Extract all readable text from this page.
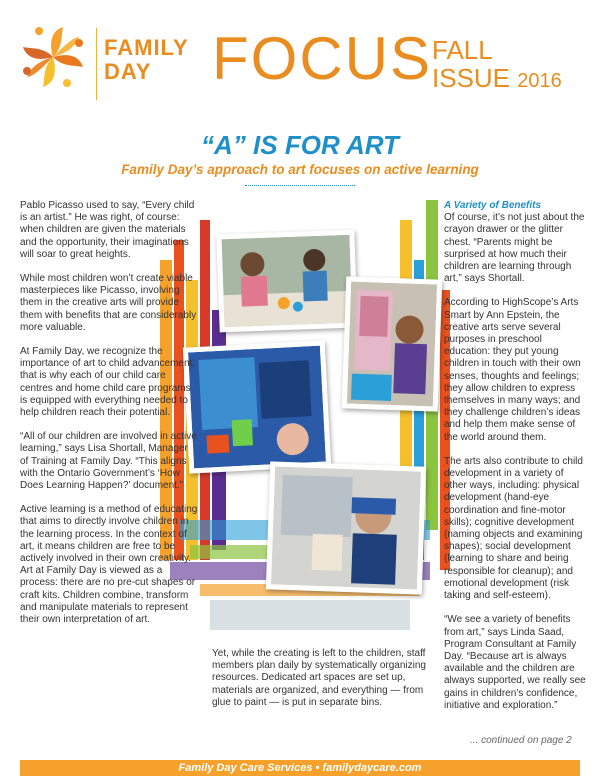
FAMILY
DAY	FOCUS FALL
ISSUE 2016
“A” IS FOR ART
Family Day’s approach to art focuses on active learning

Pablo Picasso used to say, “Every child is an artist.” He was right, of course: when children are given the materials and the opportunity, their imaginations will soar to great heights.

While most children won’t create viable masterpieces like Picasso, involving them in the creative arts will provide them with benefits that are considerably more valuable.

At Family Day, we recognize the importance of art to child advancement; that is why each of our child care centres and home child care programs is equipped with everything needed to help children reach their potential.

“All of our children are involved in active learning,” says Lisa Shortall, Manager of Training at Family Day. “This aligns with the Ontario Government’s ‘How Does Learning Happen?’ document.”

Active learning is a method of educating that aims to directly involve children in the learning process. In the context of art, it means children are free to be actively involved in their own creativity. Art at Family Day is viewed as a process: there are no pre-cut shapes or craft kits. Children combine, transform and manipulate materials to represent their own interpretation of art.

Yet, while the creating is left to the children, staff members plan daily by systematically organizing resources. Dedicated art spaces are set up, materials are organized, and everything — from glue to paint — is put in separate bins.

A Variety of Benefits

Of course, it’s not just about the crayon drawer or the glitter chest. “Parents might be surprised at how much their children are learning through art,” says Shortall.

According to HighScope’s Arts Smart by Ann Epstein, the creative arts serve several purposes in preschool education: they put young children in touch with their own senses, thoughts and feelings; they allow children to express themselves in many ways; and they challenge children’s ideas and help them make sense of the world around them.

The arts also contribute to child development in a variety of other ways, including: physical development (hand-eye coordination and fine-motor skills); cognitive development (naming objects and examining shapes); social development (learning to share and being responsible for cleanup); and emotional development (risk taking and self-esteem).

“We see a variety of benefits from art,” says Linda Saad, Program Consultant at Family Day. “Because art is always available and the children are always supported, we really see gains in children’s confidence, initiative and exploration.”

... continued on page 2
Family Day Care Services • familydaycare.com
